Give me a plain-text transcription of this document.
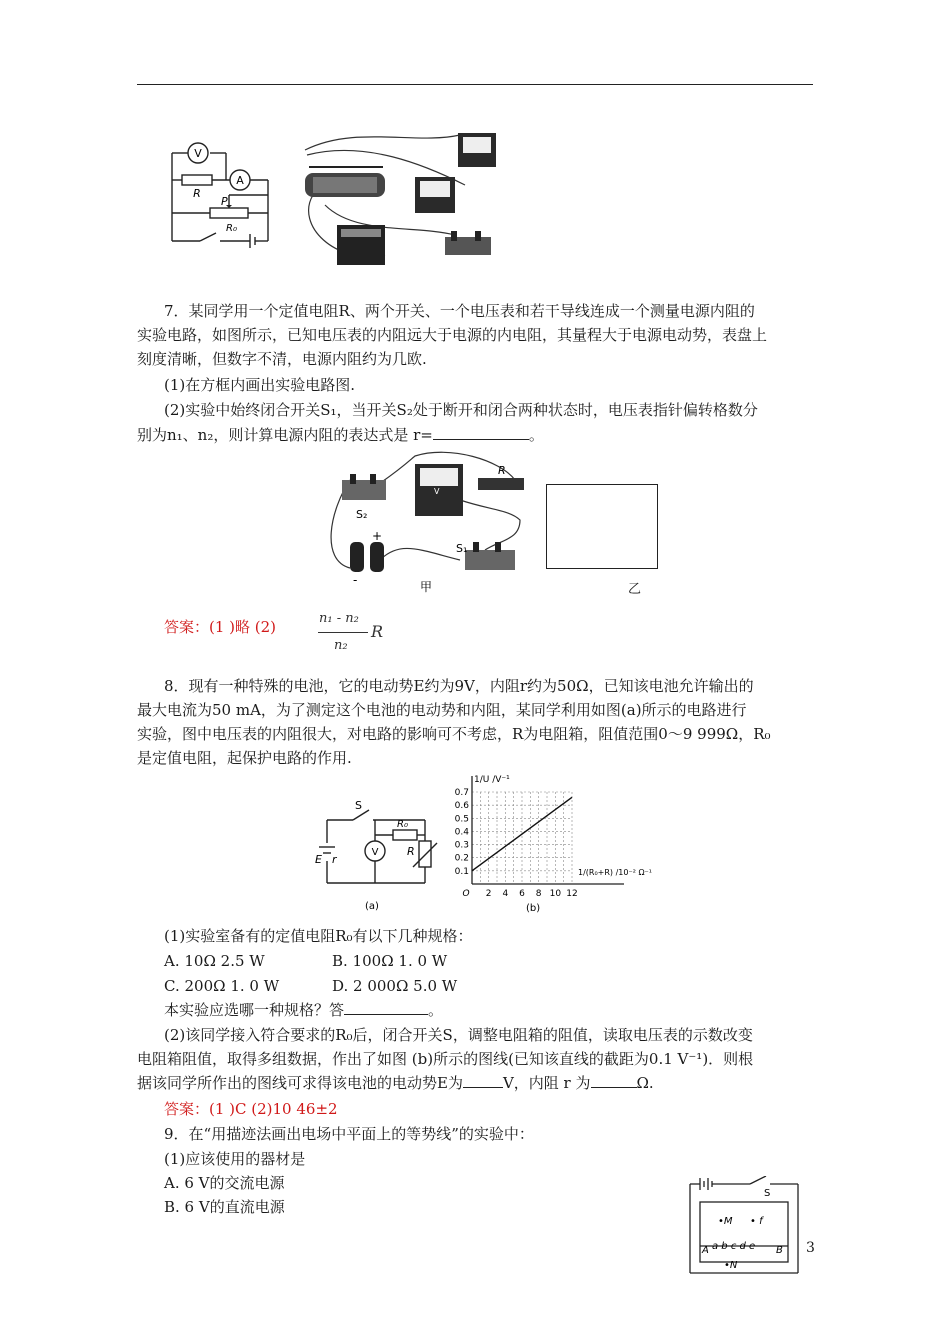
V
A
R
P
R₀
7．某同学用一个定值电阻R、两个开关、一个电压表和若干导线连成一个测量电源内阻的
实验电路，如图所示，已知电压表的内阻远大于电源的内电阻，其量程大于电源电动势，表盘上
刻度清晰，但数字不清，电源内阻约为几欧.
(1)在方框内画出实验电路图.
(2)实验中始终闭合开关S₁，当开关S₂处于断开和闭合两种状态时，电压表指针偏转格数分
别为n₁、n₂，则计算电源内阻的表达式是 r=	。
S₂
V
R
-
+
S₁
甲	乙
答案：(1 )略 (2)	n₁ - n₂
n₂
R
8．现有一种特殊的电池，它的电动势E约为9V，内阻r约为50Ω，已知该电池允许输出的
最大电流为50 mA，为了测定这个电池的电动势和内阻，某同学利用如图(a)所示的电路进行
实验，图中电压表的内阻很大，对电路的影响可不考虑，R为电阻箱，阻值范围0～9 999Ω，R₀
是定值电阻，起保护电路的作用.
S
R₀
R
V
E r
(a)
0.7
0.6
0.5
0.4
0.3
0.2
0.1
O 2 4 6 8 10 12
1/U /V⁻¹
1/(R₀+R) /10⁻² Ω⁻¹
(b)
(1)实验室备有的定值电阻R₀有以下几种规格：
A. 10Ω 2.5 W	B. 100Ω 1. 0 W
C. 200Ω 1. 0 W	D. 2 000Ω 5.0 W
本实验应选哪一种规格？答	。
(2)该同学接入符合要求的R₀后，闭合开关S，调整电阻箱的阻值，读取电压表的示数改变
电阻箱阻值，取得多组数据，作出了如图 (b)所示的图线(已知该直线的截距为0.1 V⁻¹)．则根
据该同学所作出的图线可求得该电池的电动势E为	V，内阻 r 为	Ω.
答案：(1 )C (2)10 46±2
9．在“用描迹法画出电场中平面上的等势线”的实验中：
(1)应该使用的器材是
A. 6 V的交流电源
B. 6 V的直流电源
S
•M • f
a b c d e
A	B
•N
3
